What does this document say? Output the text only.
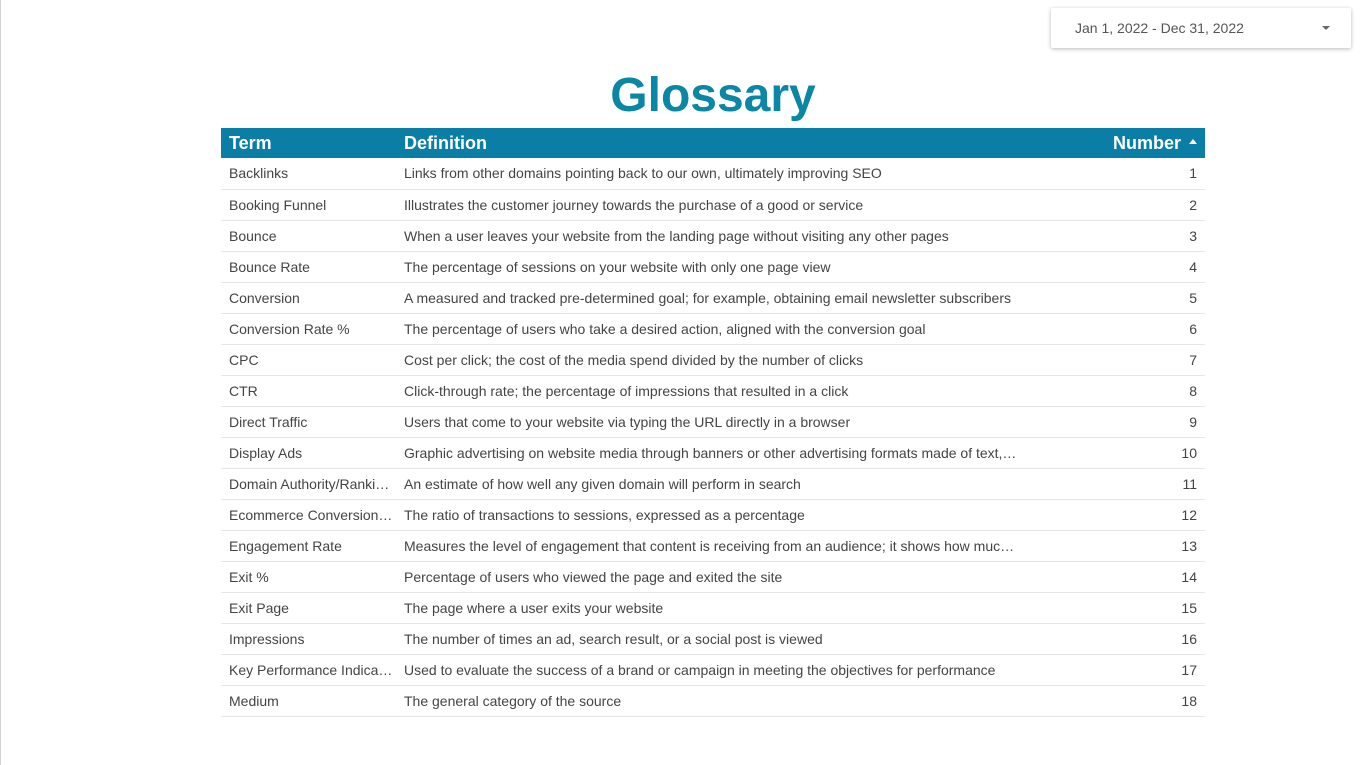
Jan 1, 2022 - Dec 31, 2022
Glossary
Term	Definition	Number
Backlinks	Links from other domains pointing back to our own, ultimately improving SEO	1
Booking Funnel	Illustrates the customer journey towards the purchase of a good or service	2
Bounce	When a user leaves your website from the landing page without visiting any other pages	3
Bounce Rate	The percentage of sessions on your website with only one page view	4
Conversion	A measured and tracked pre-determined goal; for example, obtaining email newsletter subscribers	5
Conversion Rate %	The percentage of users who take a desired action, aligned with the conversion goal	6
CPC	Cost per click; the cost of the media spend divided by the number of clicks	7
CTR	Click-through rate; the percentage of impressions that resulted in a click	8
Direct Traffic	Users that come to your website via typing the URL directly in a browser	9
Display Ads	Graphic advertising on website media through banners or other advertising formats made of text,…	10
Domain Authority/Ranki…	An estimate of how well any given domain will perform in search	11
Ecommerce Conversion…	The ratio of transactions to sessions, expressed as a percentage	12
Engagement Rate	Measures the level of engagement that content is receiving from an audience; it shows how muc…	13
Exit %	Percentage of users who viewed the page and exited the site	14
Exit Page	The page where a user exits your website	15
Impressions	The number of times an ad, search result, or a social post is viewed	16
Key Performance Indica…	Used to evaluate the success of a brand or campaign in meeting the objectives for performance	17
Medium	The general category of the source	18
